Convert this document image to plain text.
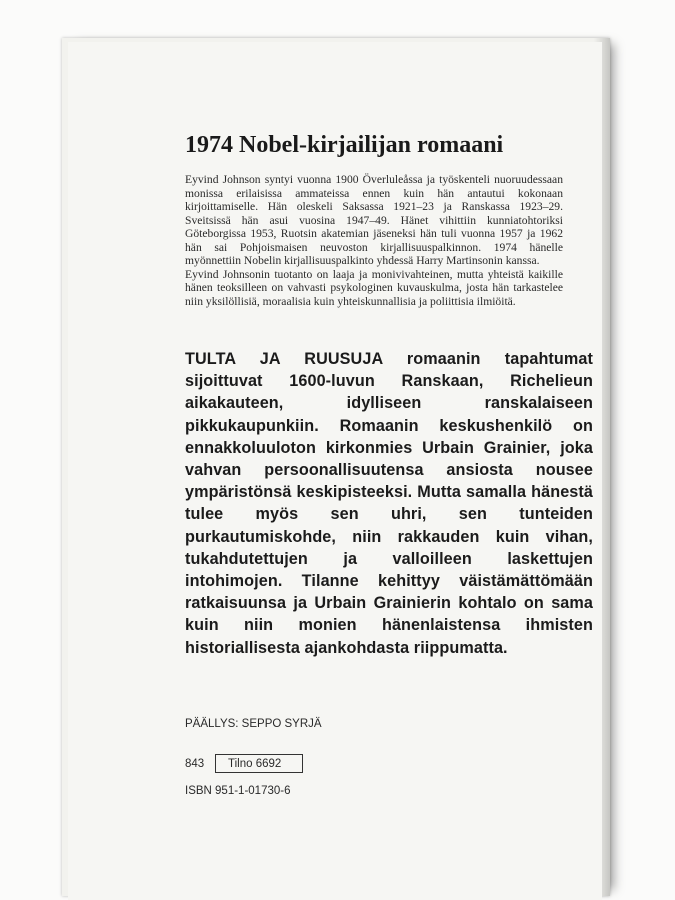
1974 Nobel-kirjailijan romaani

Eyvind Johnson syntyi vuonna 1900 Överluleåssa ja työskenteli nuoruudessaan monissa erilaisissa ammateissa ennen kuin hän antautui kokonaan kirjoittamiselle. Hän oleskeli Saksassa 1921–23 ja Ranskassa 1923–29. Sveitsissä hän asui vuosina 1947–49. Hänet vihittiin kunniatohtoriksi Göteborgissa 1953, Ruotsin akatemian jäseneksi hän tuli vuonna 1957 ja 1962 hän sai Pohjoismaisen neuvoston kirjallisuuspalkinnon. 1974 hänelle myönnettiin Nobelin kirjallisuuspalkinto yhdessä Harry Martinsonin kanssa.

Eyvind Johnsonin tuotanto on laaja ja monivivahteinen, mutta yhteistä kaikille hänen teoksilleen on vahvasti psykologinen kuvauskulma, josta hän tarkastelee niin yksilöllisiä, moraalisia kuin yhteiskunnallisia ja poliittisia ilmiöitä.

TULTA JA RUUSUJA romaanin tapahtumat sijoittuvat 1600-luvun Ranskaan, Richelieun aikakauteen, idylliseen ranskalaiseen pikkukaupunkiin. Romaanin keskushenkilö on ennakkoluuloton kirkonmies Urbain Grainier, joka vahvan persoonallisuutensa ansiosta nousee ympäristönsä keskipisteeksi. Mutta samalla hänestä tulee myös sen uhri, sen tunteiden purkautumiskohde, niin rakkauden kuin vihan, tukahdutettujen ja valloilleen laskettujen intohimojen. Tilanne kehittyy väistämättömään ratkaisuunsa ja Urbain Grainierin kohtalo on sama kuin niin monien hänenlaistensa ihmisten historiallisesta ajankohdasta riippumatta.

PÄÄLLYS: SEPPO SYRJÄ
843	Tilno 6692
ISBN 951-1-01730-6
